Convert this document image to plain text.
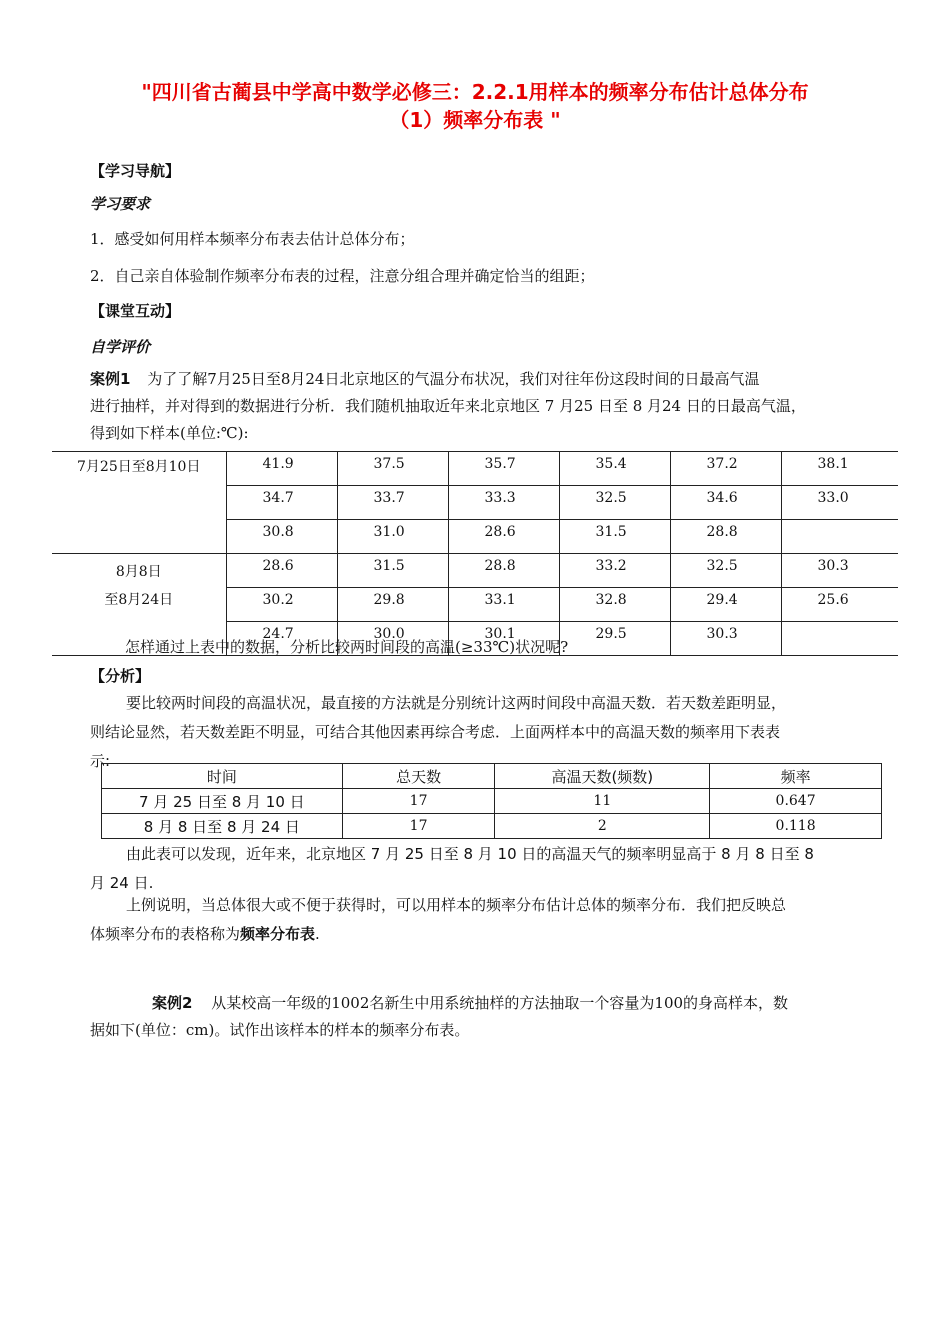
"四川省古蔺县中学高中数学必修三：2.2.1用样本的频率分布估计总体分布
（1）频率分布表 "
【学习导航】
学习要求
1．感受如何用样本频率分布表去估计总体分布；
2．自己亲自体验制作频率分布表的过程，注意分组合理并确定恰当的组距；
【课堂互动】
自学评价
案例1 为了了解7月25日至8月24日北京地区的气温分布状况，我们对往年份这段时间的日最高气温
进行抽样，并对得到的数据进行分析．我们随机抽取近年来北京地区 7 月25 日至 8 月24 日的日最高气温，
得到如下样本(单位:℃):
7月25日至8月10日	41.9	37.5	35.7	35.4	37.2	38.1
	34.7	33.7	33.3	32.5	34.6	33.0
	30.8	31.0	28.6	31.5	28.8	

8月8日
至8月24日	28.6	31.5	28.8	33.2	32.5	30.3
	30.2	29.8	33.1	32.8	29.4	25.6
	24.7	30.0	30.1	29.5	30.3	
怎样通过上表中的数据，分析比较两时间段的高温(≥33℃)状况呢?
【分析】
要比较两时间段的高温状况，最直接的方法就是分别统计这两时间段中高温天数．若天数差距明显，
则结论显然，若天数差距不明显，可结合其他因素再综合考虑．上面两样本中的高温天数的频率用下表表
示:
时间	总天数	高温天数(频数)	频率
7 月 25 日至 8 月 10 日	17	11	0.647
8 月 8 日至 8 月 24 日	17	2	0.118
由此表可以发现，近年来，北京地区 7 月 25 日至 8 月 10 日的高温天气的频率明显高于 8 月 8 日至 8
月 24 日.
上例说明，当总体很大或不便于获得时，可以用样本的频率分布估计总体的频率分布．我们把反映总
体频率分布的表格称为频率分布表.
案例2 从某校高一年级的1002名新生中用系统抽样的方法抽取一个容量为100的身高样本，数
据如下(单位：cm)。试作出该样本的样本的频率分布表。
